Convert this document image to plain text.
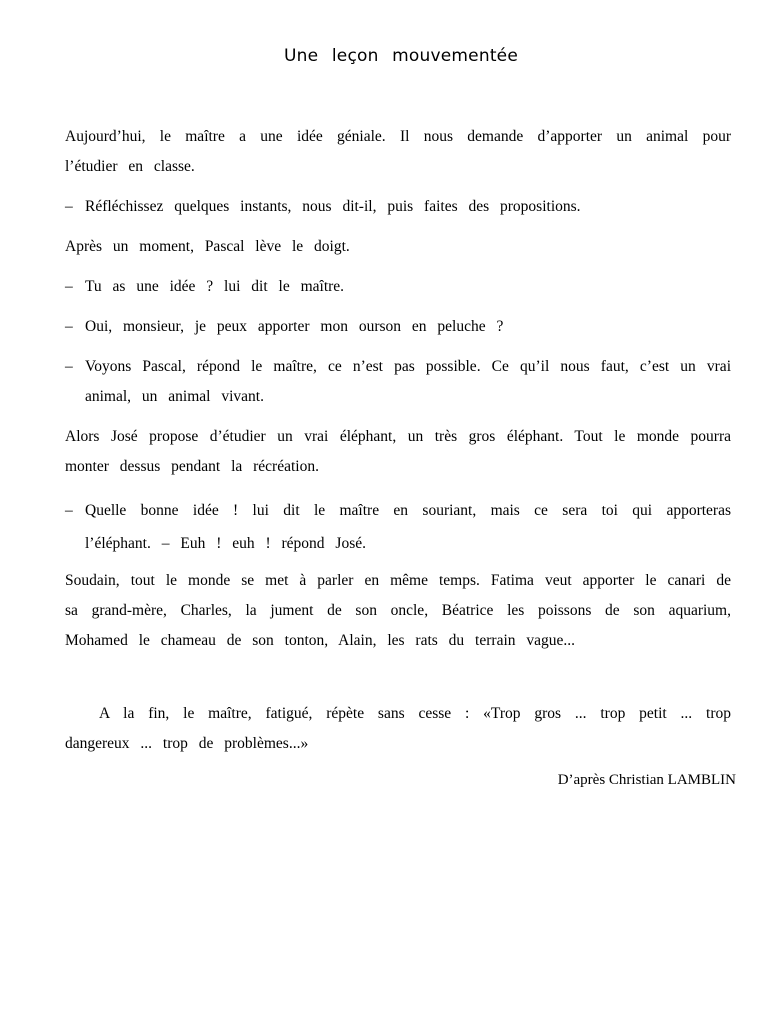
Une leçon mouvementée
Aujourd’hui, le maître a une idée géniale. Il nous demande d’apporter un animal pour l’étudier en classe.
– Réfléchissez quelques instants, nous dit-il, puis faites des propositions.
Après un moment, Pascal lève le doigt.
– Tu as une idée ? lui dit le maître.
– Oui, monsieur, je peux apporter mon ourson en peluche ?
– Voyons Pascal, répond le maître, ce n’est pas possible. Ce qu’il nous faut, c’est un vrai animal, un animal vivant.
Alors José propose d’étudier un vrai éléphant, un très gros éléphant. Tout le monde pourra monter dessus pendant la récréation.
– Quelle bonne idée ! lui dit le maître en souriant, mais ce sera toi qui apporteras l’éléphant. – Euh ! euh ! répond José.
Soudain, tout le monde se met à parler en même temps. Fatima veut apporter le canari de sa grand-mère, Charles, la jument de son oncle, Béatrice les poissons de son aquarium, Mohamed le chameau de son tonton, Alain, les rats du terrain vague...
A la fin, le maître, fatigué, répète sans cesse : «Trop gros ... trop petit ... trop dangereux ... trop de problèmes...»
D’après Christian LAMBLIN
